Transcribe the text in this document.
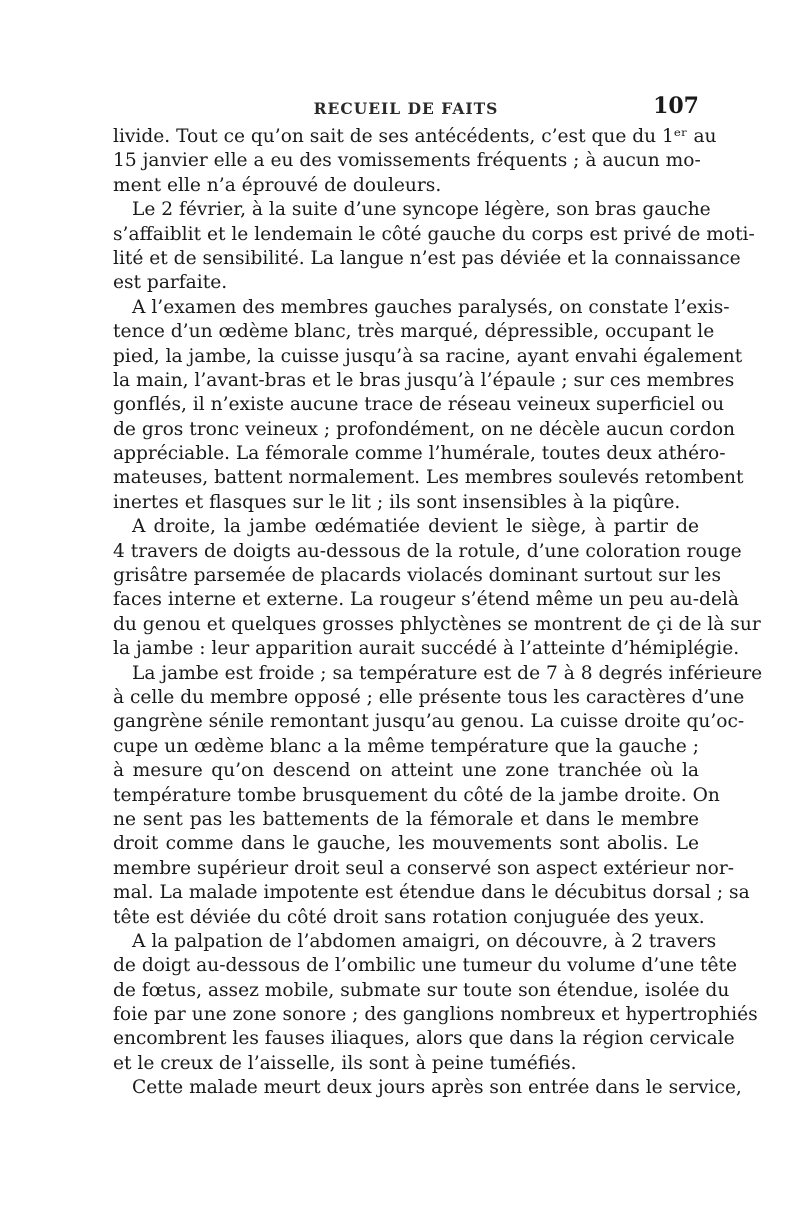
RECUEIL DE FAITS	107
livide. Tout ce qu’on sait de ses antécédents, c’est que du 1ᵉʳ au
15 janvier elle a eu des vomissements fréquents ; à aucun mo-
ment elle n’a éprouvé de douleurs.
Le 2 février, à la suite d’une syncope légère, son bras gauche
s’affaiblit et le lendemain le côté gauche du corps est privé de moti-
lité et de sensibilité. La langue n’est pas déviée et la connaissance
est parfaite.
A l’examen des membres gauches paralysés, on constate l’exis-
tence d’un œdème blanc, très marqué, dépressible, occupant le
pied, la jambe, la cuisse jusqu’à sa racine, ayant envahi également
la main, l’avant-bras et le bras jusqu’à l’épaule ; sur ces membres
gonflés, il n’existe aucune trace de réseau veineux superficiel ou
de gros tronc veineux ; profondément, on ne décèle aucun cordon
appréciable. La fémorale comme l’humérale, toutes deux athéro-
mateuses, battent normalement. Les membres soulevés retombent
inertes et flasques sur le lit ; ils sont insensibles à la piqûre.
A droite, la jambe œdématiée devient le siège, à partir de
4 travers de doigts au-dessous de la rotule, d’une coloration rouge
grisâtre parsemée de placards violacés dominant surtout sur les
faces interne et externe. La rougeur s’étend même un peu au-delà
du genou et quelques grosses phlyctènes se montrent de çi de là sur
la jambe : leur apparition aurait succédé à l’atteinte d’hémiplégie.
La jambe est froide ; sa température est de 7 à 8 degrés inférieure
à celle du membre opposé ; elle présente tous les caractères d’une
gangrène sénile remontant jusqu’au genou. La cuisse droite qu’oc-
cupe un œdème blanc a la même température que la gauche ;
à mesure qu’on descend on atteint une zone tranchée où la
température tombe brusquement du côté de la jambe droite. On
ne sent pas les battements de la fémorale et dans le membre
droit comme dans le gauche, les mouvements sont abolis. Le
membre supérieur droit seul a conservé son aspect extérieur nor-
mal. La malade impotente est étendue dans le décubitus dorsal ; sa
tête est déviée du côté droit sans rotation conjuguée des yeux.
A la palpation de l’abdomen amaigri, on découvre, à 2 travers
de doigt au-dessous de l’ombilic une tumeur du volume d’une tête
de fœtus, assez mobile, submate sur toute son étendue, isolée du
foie par une zone sonore ; des ganglions nombreux et hypertrophiés
encombrent les fauses iliaques, alors que dans la région cervicale
et le creux de l’aisselle, ils sont à peine tuméfiés.
Cette malade meurt deux jours après son entrée dans le service,
